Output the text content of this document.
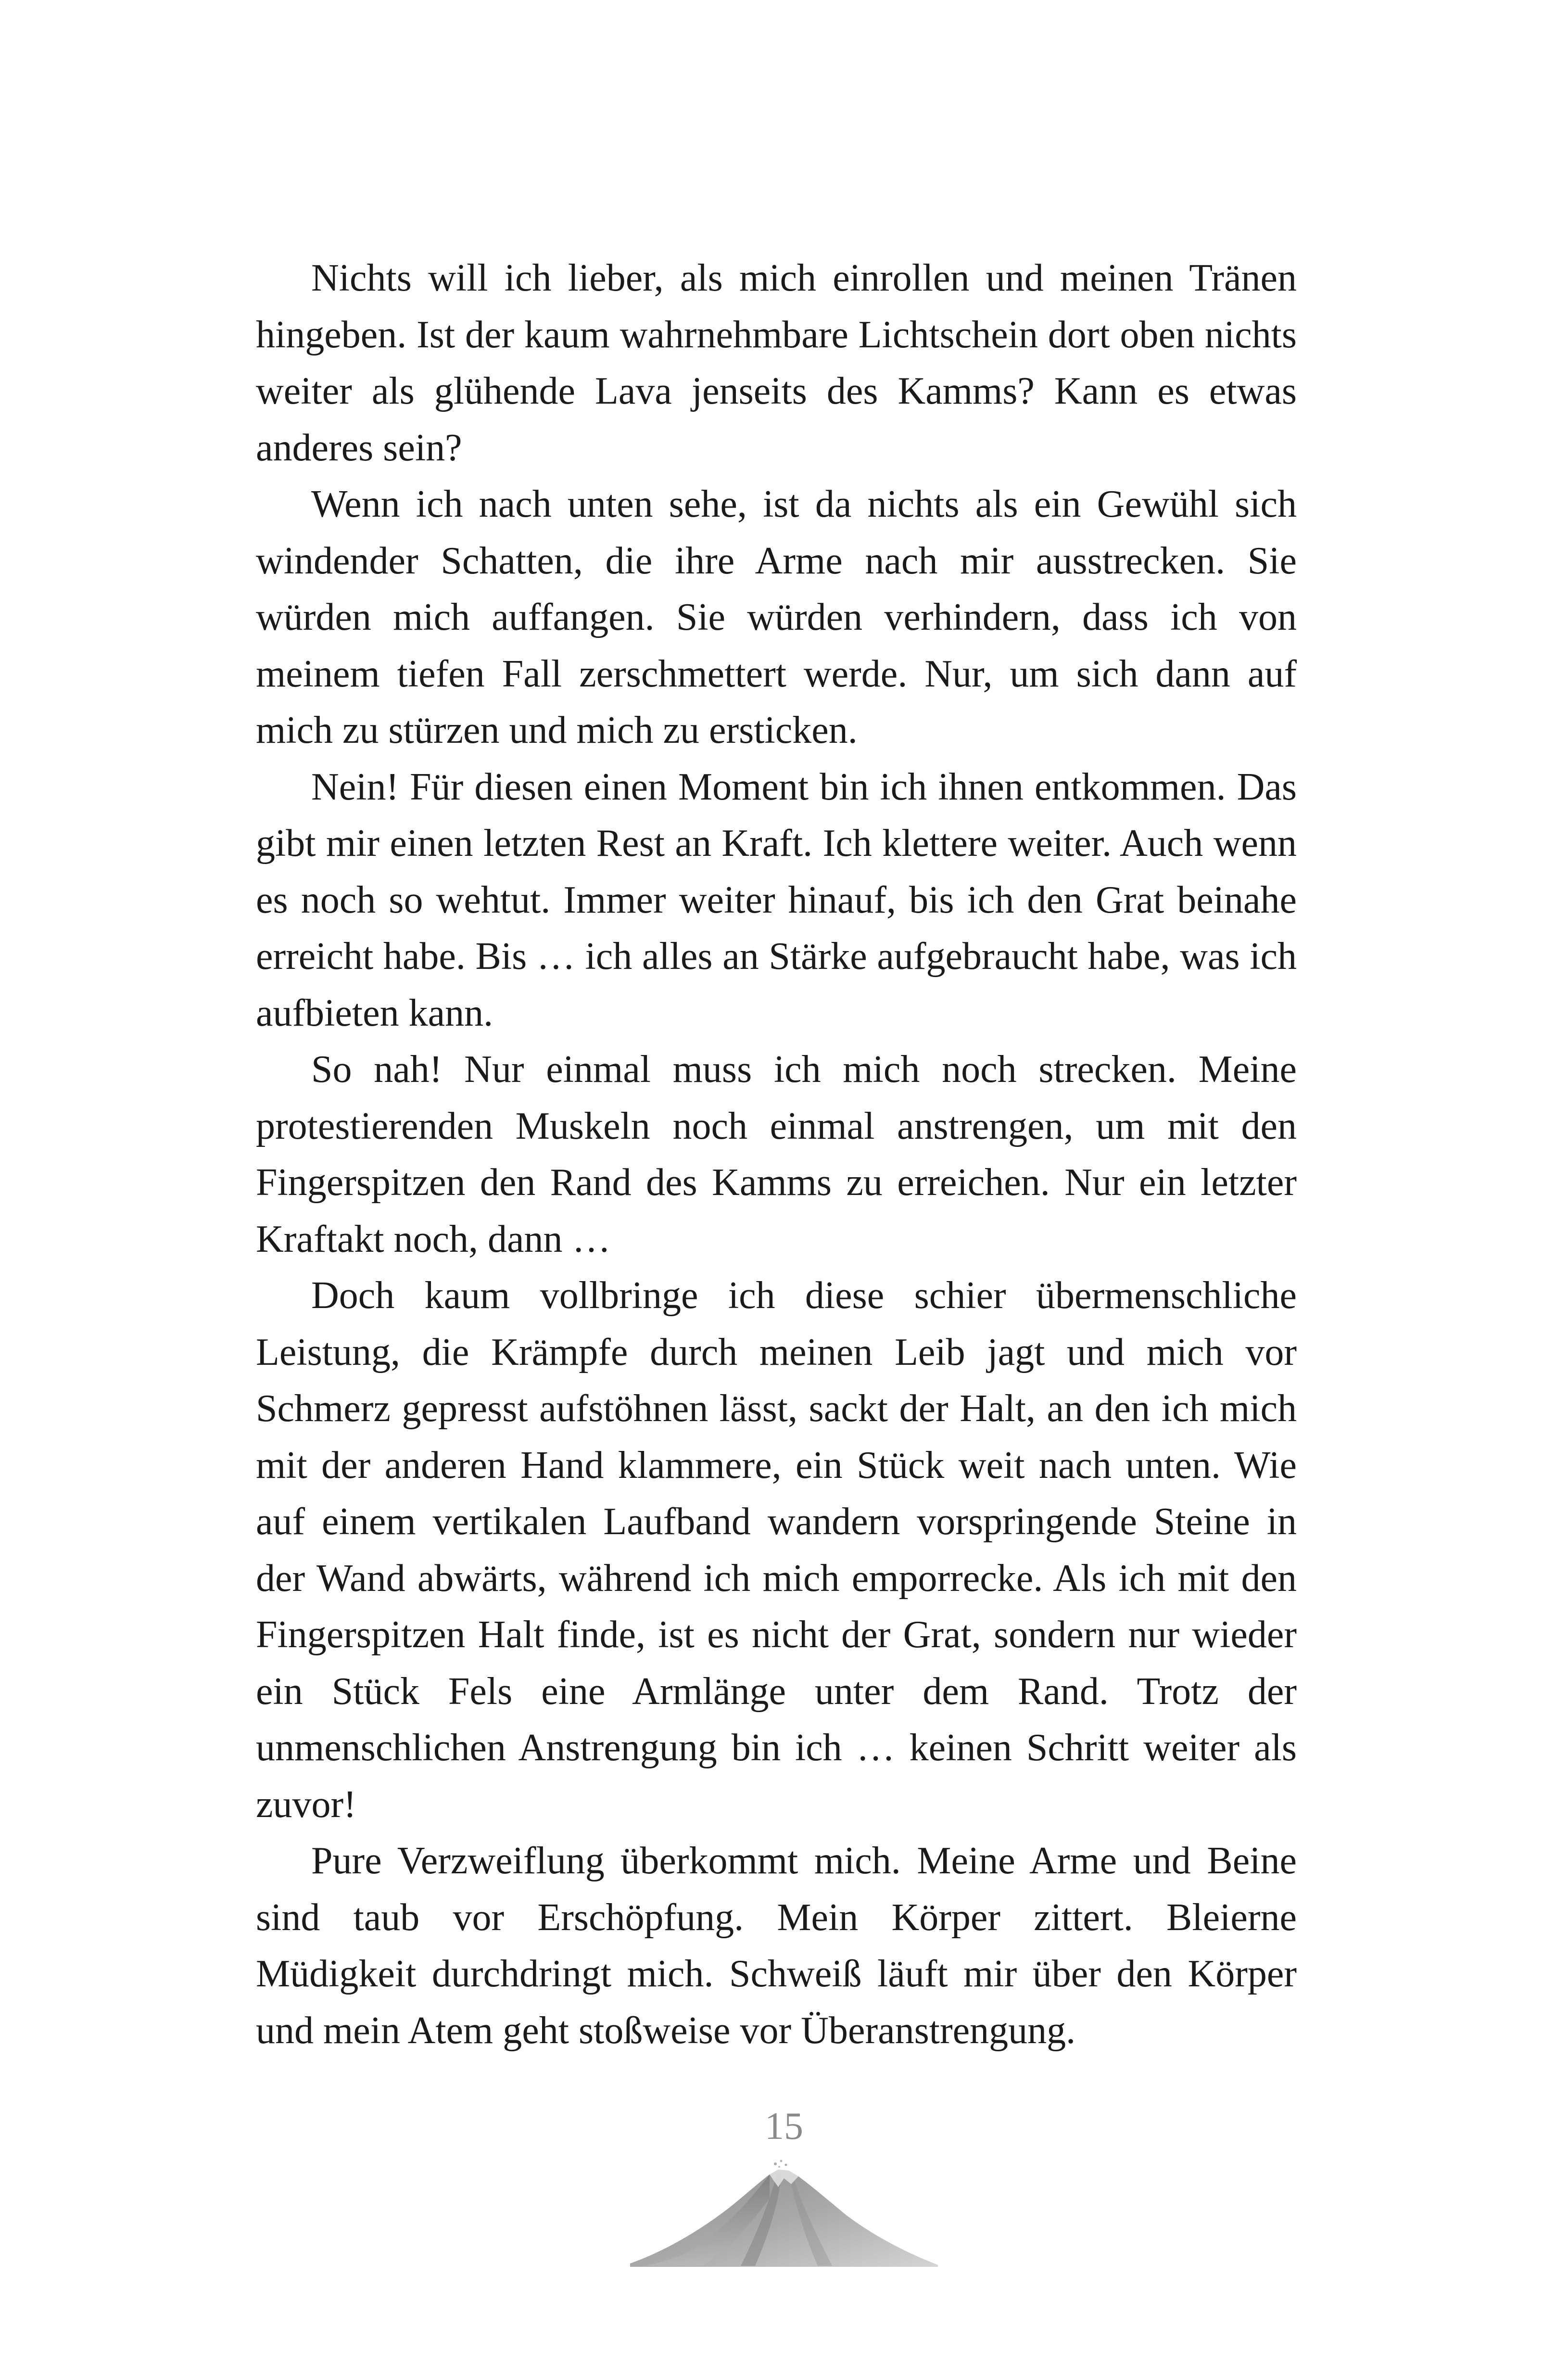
Nichts will ich lieber, als mich einrollen und meinen Tränen hingeben. Ist der kaum wahrnehmbare Lichtschein dort oben nichts weiter als glühende Lava jenseits des Kamms? Kann es etwas anderes sein?

Wenn ich nach unten sehe, ist da nichts als ein Gewühl sich windender Schatten, die ihre Arme nach mir ausstrecken. Sie würden mich auffangen. Sie würden verhindern, dass ich von meinem tiefen Fall zerschmettert werde. Nur, um sich dann auf mich zu stürzen und mich zu ersticken.

Nein! Für diesen einen Moment bin ich ihnen entkommen. Das gibt mir einen letzten Rest an Kraft. Ich klettere weiter. Auch wenn es noch so wehtut. Immer weiter hinauf, bis ich den Grat beinahe erreicht habe. Bis … ich alles an Stärke aufgebraucht habe, was ich aufbieten kann.

So nah! Nur einmal muss ich mich noch strecken. Meine protestierenden Muskeln noch einmal anstrengen, um mit den Fingerspitzen den Rand des Kamms zu erreichen. Nur ein letzter Kraftakt noch, dann …

Doch kaum vollbringe ich diese schier übermenschliche Leistung, die Krämpfe durch meinen Leib jagt und mich vor Schmerz gepresst aufstöhnen lässt, sackt der Halt, an den ich mich mit der anderen Hand klammere, ein Stück weit nach unten. Wie auf einem vertikalen Laufband wandern vorspringende Steine in der Wand abwärts, während ich mich emporrecke. Als ich mit den Fingerspitzen Halt finde, ist es nicht der Grat, sondern nur wieder ein Stück Fels eine Armlänge unter dem Rand. Trotz der unmenschlichen Anstrengung bin ich … keinen Schritt weiter als zuvor!

Pure Verzweiflung überkommt mich. Meine Arme und Beine sind taub vor Erschöpfung. Mein Körper zittert. Bleierne Müdigkeit durchdringt mich. Schweiß läuft mir über den Körper und mein Atem geht stoßweise vor Überanstrengung.

15
